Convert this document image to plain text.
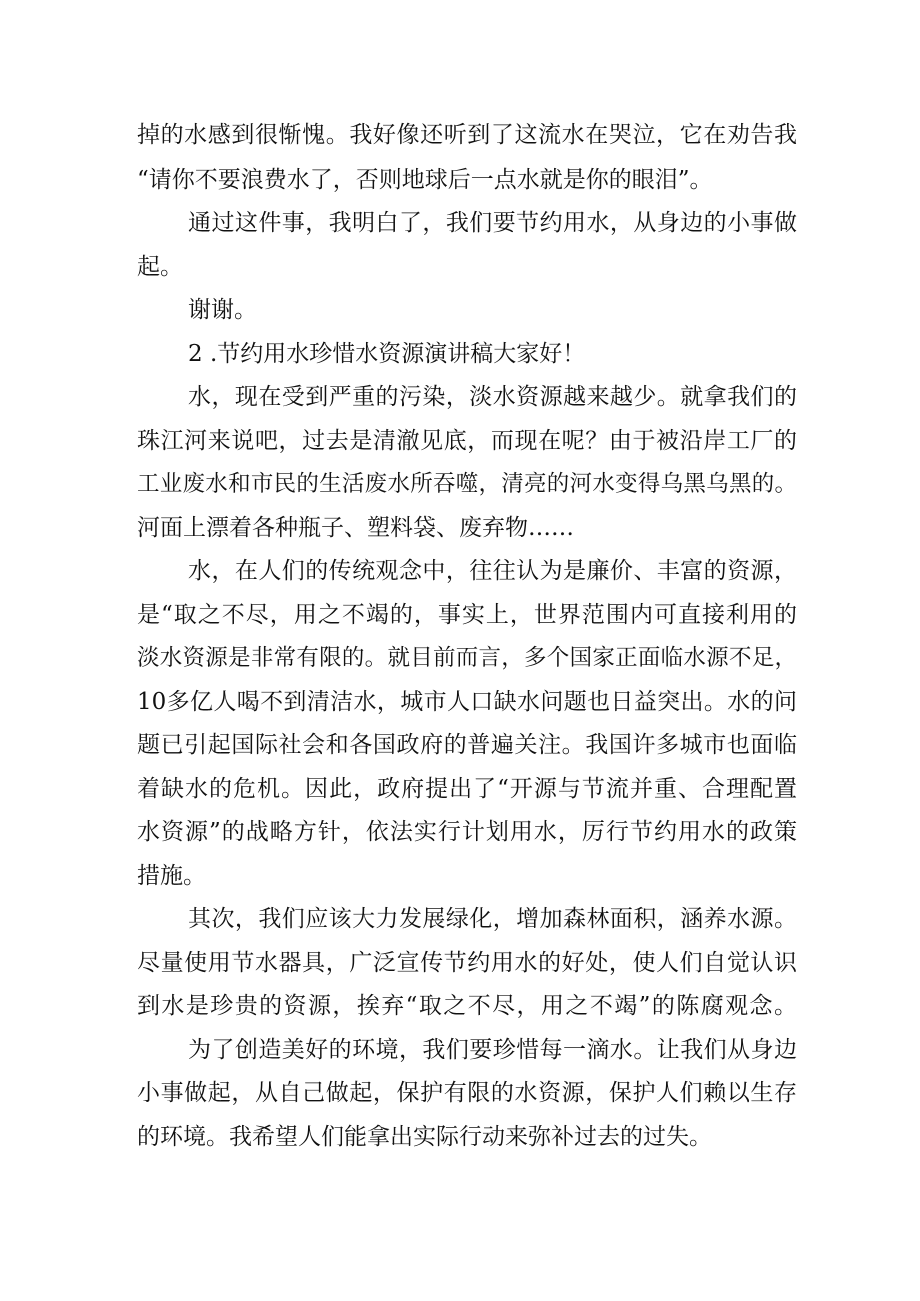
掉的水感到很惭愧。我好像还听到了这流水在哭泣，它在劝告我
“请你不要浪费水了，否则地球后一点水就是你的眼泪”。
通过这件事，我明白了，我们要节约用水，从身边的小事做
起。
谢谢。
2 .节约用水珍惜水资源演讲稿大家好！
水，现在受到严重的污染，淡水资源越来越少。就拿我们的
珠江河来说吧，过去是清澈见底，而现在呢？由于被沿岸工厂的
工业废水和市民的生活废水所吞噬，清亮的河水变得乌黑乌黑的。
河面上漂着各种瓶子、塑料袋、废弃物……
水，在人们的传统观念中，往往认为是廉价、丰富的资源，
是“取之不尽，用之不竭的，事实上，世界范围内可直接利用的
淡水资源是非常有限的。就目前而言，多个国家正面临水源不足，
10多亿人喝不到清洁水，城市人口缺水问题也日益突出。水的问
题已引起国际社会和各国政府的普遍关注。我国许多城市也面临
着缺水的危机。因此，政府提出了“开源与节流并重、合理配置
水资源”的战略方针，依法实行计划用水，厉行节约用水的政策
措施。
其次，我们应该大力发展绿化，增加森林面积，涵养水源。
尽量使用节水器具，广泛宣传节约用水的好处，使人们自觉认识
到水是珍贵的资源，挨弃“取之不尽，用之不竭”的陈腐观念。
为了创造美好的环境，我们要珍惜每一滴水。让我们从身边
小事做起，从自己做起，保护有限的水资源，保护人们赖以生存
的环境。我希望人们能拿出实际行动来弥补过去的过失。
